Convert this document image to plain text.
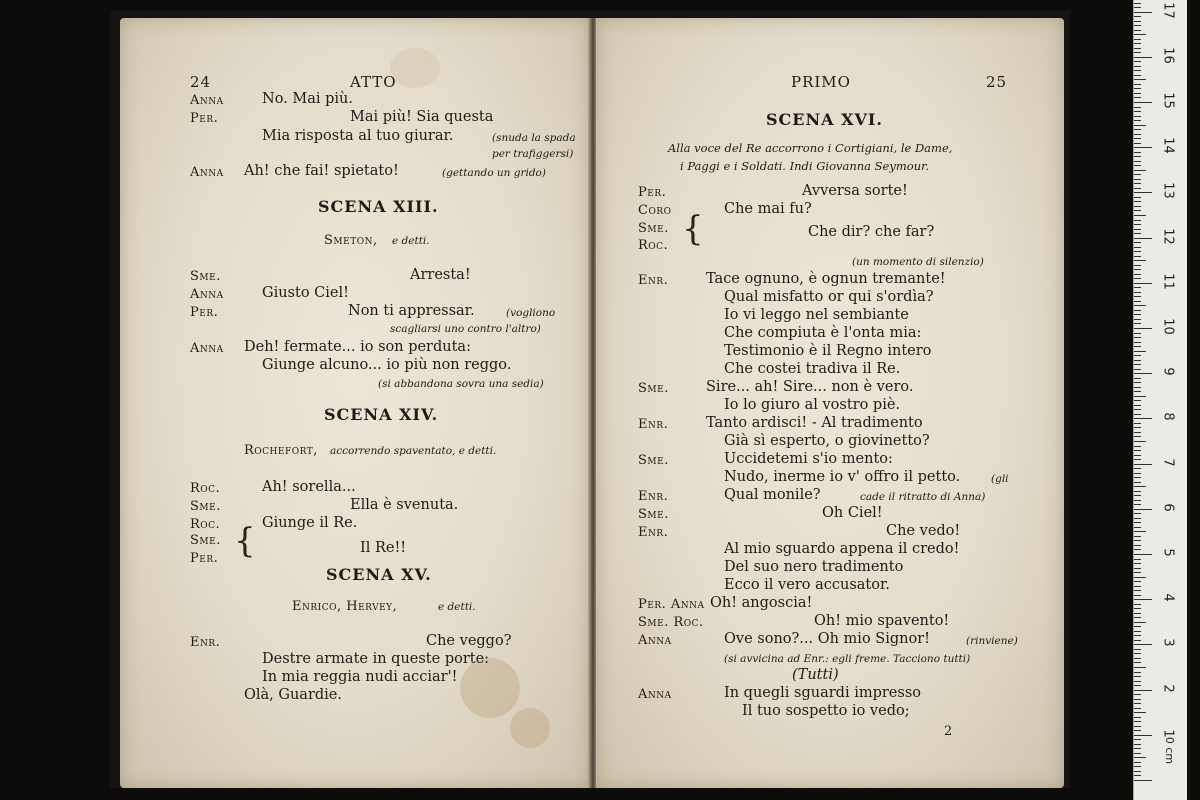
24	ATTO
Anna	No. Mai più.
Per.	Mai più! Sia questa
Mia risposta al tuo giurar.	(snuda la spada
per trafiggersi)
Anna Ah! che fai! spietato!	(gettando un grido)
SCENA XIII.
Smeton, e detti.
Sme.	Arresta!
Anna	Giusto Ciel!
Per.	Non ti appressar.	(vogliono
scagliarsi uno contro l'altro)
Anna Deh! fermate... io son perduta:
Giunge alcuno... io più non reggo.
(si abbandona sovra una sedia)
SCENA XIV.
Rochefort, accorrendo spaventato, e detti.
Roc.	Ah! sorella...
Sme.	Ella è svenuta.
Roc.	Giunge il Re.
Sme.
Per. {	Il Re!!
SCENA XV.
Enrico, Hervey,	e detti.
Enr.	Che veggo?
Destre armate in queste porte:
In mia reggia nudi acciar'!
Olà, Guardie.
PRIMO	25
SCENA XVI.
Alla voce del Re accorrono i Cortigiani, le Dame,
i Paggi e i Soldati. Indi Giovanna Seymour.
Per.	Avversa sorte!
Coro	Che mai fu?
Sme.
Roc. {	Che dir? che far?
(un momento di silenzio)
Enr.	Tace ognuno, è ognun tremante!
Qual misfatto or qui s'ordìa?
Io vi leggo nel sembiante
Che compiuta è l'onta mia:
Testimonio è il Regno intero
Che costei tradiva il Re.
Sme.	Sire... ah! Sire... non è vero.
Io lo giuro al vostro piè.
Enr.	Tanto ardisci! - Al tradimento
Già sì esperto, o giovinetto?
Sme.	Uccidetemi s'io mento:
Nudo, inerme io v' offro il petto.	(gli
Enr.	Qual monile?	cade il ritratto di Anna)
Sme.	Oh Ciel!
Enr.	Che vedo!
Al mio sguardo appena il credo!
Del suo nero tradimento
Ecco il vero accusator.
Per. Anna Oh! angoscia!
Sme. Roc.	Oh! mio spavento!
Anna	Ove sono?... Oh mio Signor!	(rinviene)
(si avvicina ad Enr.: egli freme. Tacciono tutti)
(Tutti)
Anna	In quegli sguardi impresso
Il tuo sospetto io vedo;
2	1
2
3
4
5
6
7
8
9
10
11
12
13
14
15
16
17
0 cm
